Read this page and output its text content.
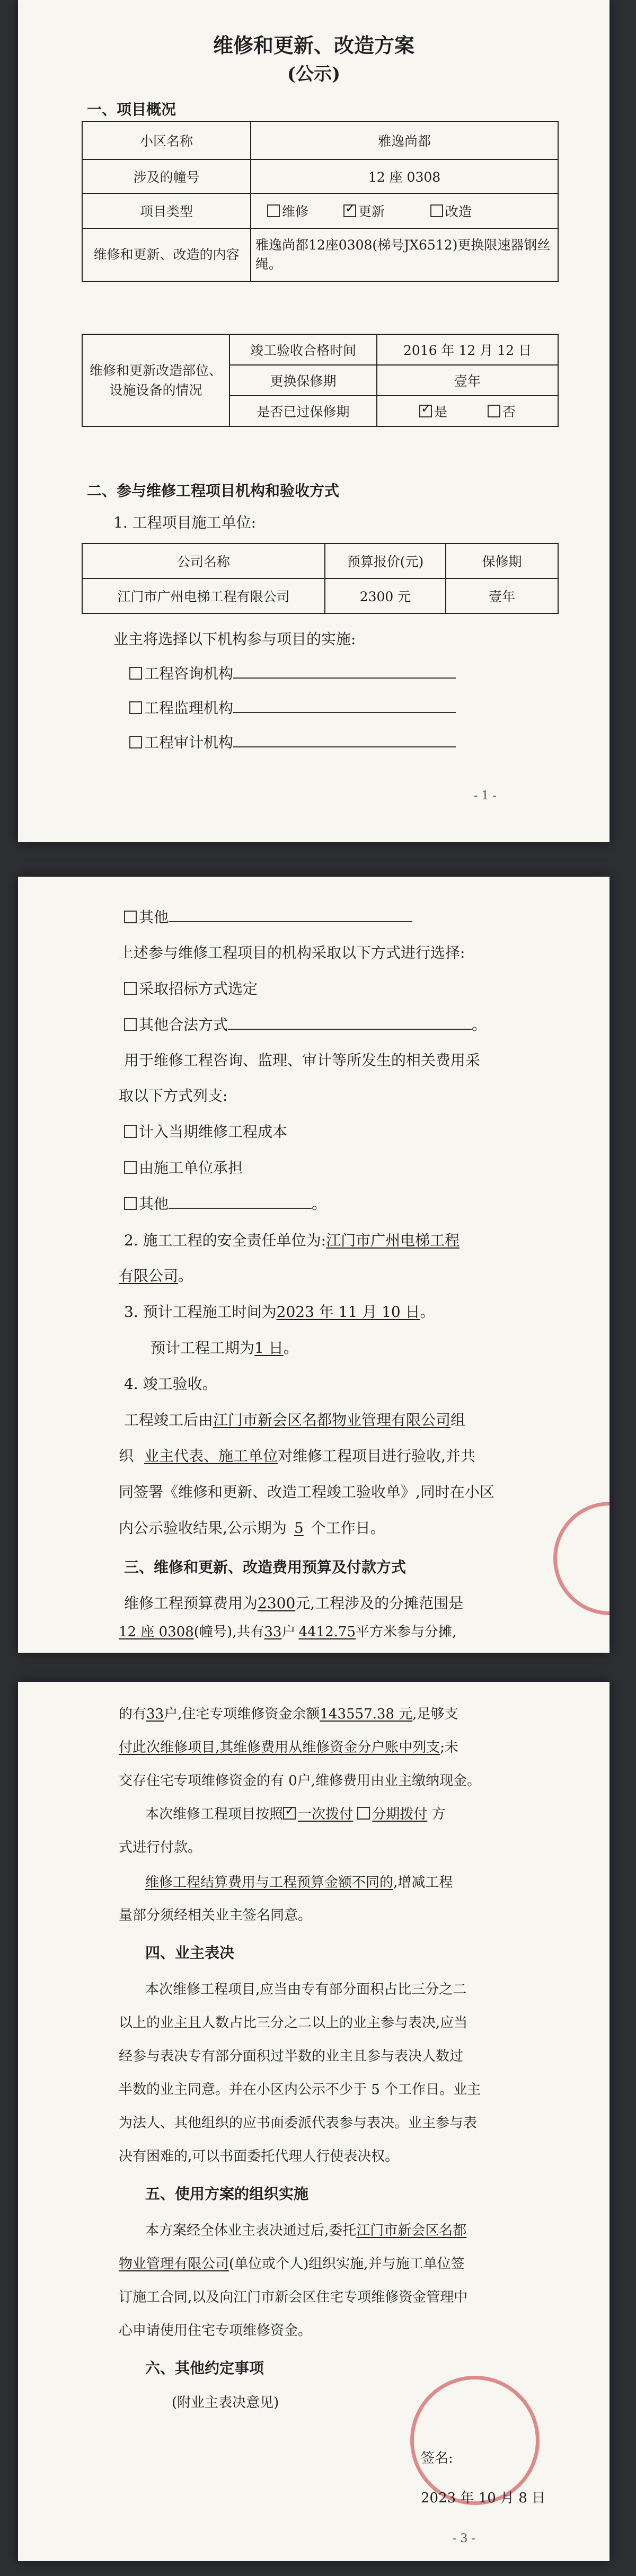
维修和更新、改造方案
(公示)
一、项目概况
小区名称	雅逸尚都
涉及的幢号	12 座 0308
项目类型	维修 ✓ 更新 改造
维修和更新、改造的内容	雅逸尚都12座0308(梯号JX6512)更换限速器钢丝绳。
维修和更新改造部位、设施设备的情况	竣工验收合格时间	2016 年 12 月 12 日
	更换保修期	壹年
	是否已过保修期	✓是 否
二、参与维修工程项目机构和验收方式
1. 工程项目施工单位:
公司名称	预算报价(元)	保修期
江门市广州电梯工程有限公司	2300 元	壹年
业主将选择以下机构参与项目的实施:
工程咨询机构
工程监理机构
工程审计机构
- 1 -
其他
上述参与维修工程项目的机构采取以下方式进行选择:
采取招标方式选定
其他合法方式	。
用于维修工程咨询、监理、审计等所发生的相关费用采
取以下方式列支:
计入当期维修工程成本
由施工单位承担
其他	。
2. 施工工程的安全责任单位为:江门市广州电梯工程
有限公司。
3. 预计工程施工时间为2023 年 11 月 10 日。
预计工程工期为1 日。
4. 竣工验收。
工程竣工后由江门市新会区名都物业管理有限公司组
织 业主代表、施工单位对维修工程项目进行验收,并共
同签署《维修和更新、改造工程竣工验收单》,同时在小区
内公示验收结果,公示期为 5 个工作日。
三、维修和更新、改造费用预算及付款方式
维修工程预算费用为2300元,工程涉及的分摊范围是
12 座 0308(幢号),共有33户 4412.75平方米参与分摊,
的有33户,住宅专项维修资金余额143557.38 元,足够支
付此次维修项目,其维修费用从维修资金分户账中列支;未
交存住宅专项维修资金的有 0户,维修费用由业主缴纳现金。
本次维修工程项目按照 ✓ 一次拨付 分期拨付 方
式进行付款。
维修工程结算费用与工程预算金额不同的,增减工程
量部分须经相关业主签名同意。
四、业主表决
本次维修工程项目,应当由专有部分面积占比三分之二
以上的业主且人数占比三分之二以上的业主参与表决,应当
经参与表决专有部分面积过半数的业主且参与表决人数过
半数的业主同意。并在小区内公示不少于 5 个工作日。业主
为法人、其他组织的应书面委派代表参与表决。业主参与表
决有困难的,可以书面委托代理人行使表决权。
五、使用方案的组织实施
本方案经全体业主表决通过后,委托江门市新会区名都
物业管理有限公司(单位或个人)组织实施,并与施工单位签
订施工合同,以及向江门市新会区住宅专项维修资金管理中
心申请使用住宅专项维修资金。
六、其他约定事项
(附业主表决意见)
签名:
2023 年 10 月 8 日
- 3 -
